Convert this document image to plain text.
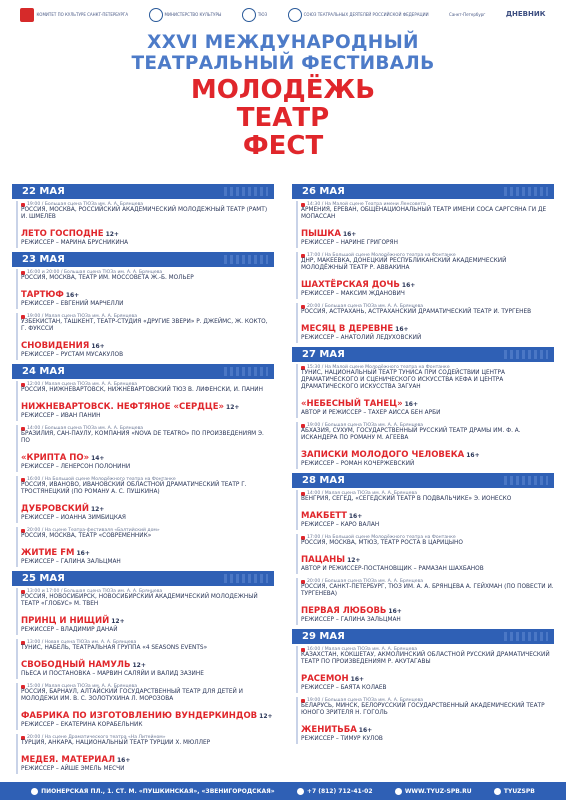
КОМИТЕТ ПО КУЛЬТУРЕ САНКТ-ПЕТЕРБУРГА	МИНИСТЕРСТВО КУЛЬТУРЫ	ТЮЗ	СОЮЗ ТЕАТРАЛЬНЫХ ДЕЯТЕЛЕЙ РОССИЙСКОЙ ФЕДЕРАЦИИ	Санкт-Петербург	ДНЕВНИК
XXVI МЕЖДУНАРОДНЫЙ
ТЕАТРАЛЬНЫЙ ФЕСТИВАЛЬ
МОЛОДЁЖЬ
ТЕАТР
ФЕСТ
22 МАЯ
19:00 / Большая сцена ТЮЗа им. А. А. Брянцева
РОССИЯ, МОСКВА, РОССИЙСКИЙ АКАДЕМИЧЕСКИЙ МОЛОДЕЖНЫЙ ТЕАТР (РАМТ) И. ШМЕЛЕВ
ЛЕТО ГОСПОДНЕ 12+
РЕЖИССЕР – МАРИНА БРУСНИКИНА
23 МАЯ
16:00 и 20:00 / Большая сцена ТЮЗа им. А. А. Брянцева
РОССИЯ, МОСКВА, ТЕАТР ИМ. МОССОВЕТА Ж.-Б. МОЛЬЕР
ТАРТЮФ 16+
РЕЖИССЕР – ЕВГЕНИЙ МАРЧЕЛЛИ
19:00 / Малая сцена ТЮЗа им. А. А. Брянцева
УЗБЕКИСТАН, ТАШКЕНТ, ТЕАТР-СТУДИЯ «ДРУГИЕ ЗВЕРИ» Р. ДЖЕЙМС, Ж. КОКТО, Г. ФУКССИ
СНОВИДЕНИЯ 16+
РЕЖИССЕР – РУСТАМ МУСАКУЛОВ
24 МАЯ
12:00 / Малая сцена ТЮЗа им. А. А. Брянцева
РОССИЯ, НИЖНЕВАРТОВСК, НИЖНЕВАРТОВСКИЙ ТЮЗ В. ЛИФЕНСКИ, И. ПАНИН
НИЖНЕВАРТОВСК. НЕФТЯНОЕ «СЕРДЦЕ» 12+
РЕЖИССЕР – ИВАН ПАНИН
14:00 / Большая сцена ТЮЗа им. А. А. Брянцева
БРАЗИЛИЯ, САН-ПАУЛУ, КОМПАНИЯ «NOVA DE TEATRO» ПО ПРОИЗВЕДЕНИЯМ Э. ПО
«КРИПТА ПО» 14+
РЕЖИССЕР – ЛЕНЕРСОН ПОЛОНИНИ
16:00 / На Большой сцене Молодёжного театра на Фонтанке
РОССИЯ, ИВАНОВО, ИВАНОВСКИЙ ОБЛАСТНОЙ ДРАМАТИЧЕСКИЙ ТЕАТР Г. ТРОСТЯНЕЦКИЙ (ПО РОМАНУ А. С. ПУШКИНА)
ДУБРОВСКИЙ 12+
РЕЖИССЕР – ИОАННА ЗИМБИЦКАЯ
20:00 / На сцене Театра-фестиваля «Балтийский дом»
РОССИЯ, МОСКВА, ТЕАТР «СОВРЕМЕННИК»
ЖИТИЕ FM 16+
РЕЖИССЕР – ГАЛИНА ЗАЛЬЦМАН
25 МАЯ
13:00 и 17:00 / Большая сцена ТЮЗа им. А. А. Брянцева
РОССИЯ, НОВОСИБИРСК, НОВОСИБИРСКИЙ АКАДЕМИЧЕСКИЙ МОЛОДЕЖНЫЙ ТЕАТР «ГЛОБУС» М. ТВЕН
ПРИНЦ И НИЩИЙ 12+
РЕЖИССЕР – ВЛАДИМИР ДАНАЙ
13:00 / Новая сцена ТЮЗа им. А. А. Брянцева
ТУНИС, НАБЕЛЬ, ТЕАТРАЛЬНАЯ ГРУППА «4 SEASONS EVENTS»
СВОБОДНЫЙ НАМУЛЬ 12+
ПЬЕСА И ПОСТАНОВКА – МАРВИН САЛЯЙИ И ВАЛИД ЗАЗИНЕ
15:00 / Малая сцена ТЮЗа им. А. А. Брянцева
РОССИЯ, БАРНАУЛ, АЛТАЙСКИЙ ГОСУДАРСТВЕННЫЙ ТЕАТР ДЛЯ ДЕТЕЙ И МОЛОДЕЖИ ИМ. В. С. ЗОЛОТУХИНА Л. МОРОЗОВА
ФАБРИКА ПО ИЗГОТОВЛЕНИЮ ВУНДЕРКИНДОВ 12+
РЕЖИССЕР – ЕКАТЕРИНА КОРАБЕЛЬНИК
20:00 / На сцене Драматического театра «На Литейном»
ТУРЦИЯ, АНКАРА, НАЦИОНАЛЬНЫЙ ТЕАТР ТУРЦИИ Х. МЮЛЛЕР
МЕДЕЯ. МАТЕРИАЛ 16+
РЕЖИССЕР – АЙШЕ ЭМЕЛЬ МЕСЧИ
26 МАЯ
14:30 / На Малой сцене Театра имени Ленсовета
АРМЕНИЯ, ЕРЕВАН, ОБЩЕНАЦИОНАЛЬНЫЙ ТЕАТР ИМЕНИ СОСА САРГСЯНА ГИ ДЕ МОПАССАН
ПЫШКА 16+
РЕЖИССЕР – НАРИНЕ ГРИГОРЯН
17:00 / На Большой сцене Молодёжного театра на Фонтанке
ДНР, МАКЕЕВКА, ДОНЕЦКИЙ РЕСПУБЛИКАНСКИЙ АКАДЕМИЧЕСКИЙ МОЛОДЁЖНЫЙ ТЕАТР Р. АВВАКИНА
ШАХТЁРСКАЯ ДОЧЬ 16+
РЕЖИССЕР – МАКСИМ ЖДАНОВИЧ
20:00 / Большая сцена ТЮЗа им. А. А. Брянцева
РОССИЯ, АСТРАХАНЬ, АСТРАХАНСКИЙ ДРАМАТИЧЕСКИЙ ТЕАТР И. ТУРГЕНЕВ
МЕСЯЦ В ДЕРЕВНЕ 16+
РЕЖИССЕР – АНАТОЛИЙ ЛЕДУХОВСКИЙ
27 МАЯ
15:30 / На Малой сцене Молодёжного театра на Фонтанке
ТУНИС, НАЦИОНАЛЬНЫЙ ТЕАТР ТУНИСА ПРИ СОДЕЙСТВИИ ЦЕНТРА ДРАМАТИЧЕСКОГО И СЦЕНИЧЕСКОГО ИСКУССТВА КЕФА И ЦЕНТРА ДРАМАТИЧЕСКОГО ИСКУССТВА ЗАГУАН
«НЕБЕСНЫЙ ТАНЕЦ» 16+
АВТОР И РЕЖИССЕР – ТАХЕР АИССА БЕН АРБИ
19:00 / Большая сцена ТЮЗа им. А. А. Брянцева
АБХАЗИЯ, СУХУМ, ГОСУДАРСТВЕННЫЙ РУССКИЙ ТЕАТР ДРАМЫ ИМ. Ф. А. ИСКАНДЕРА ПО РОМАНУ М. АГЕЕВА
ЗАПИСКИ МОЛОДОГО ЧЕЛОВЕКА 16+
РЕЖИССЕР – РОМАН КОЧЕРЖЕВСКИЙ
28 МАЯ
14:00 / Малая сцена ТЮЗа им. А. А. Брянцева
ВЕНГРИЯ, СЕГЕД, «СЕГЕДСКИЙ ТЕАТР В ПОДВАЛЬЧИКЕ» Э. ИОНЕСКО
МАКБЕТТ 16+
РЕЖИССЕР – КАРО ВАЛАН
17:00 / На Большой сцене Молодёжного театра на Фонтанке
РОССИЯ, МОСКВА, МТЮЗ, ТЕАТР РОСТА В ЦАРИЦЫНО
ПАЦАНЫ 12+
АВТОР И РЕЖИССЕР-ПОСТАНОВЩИК – РАМАЗАН ШАХБАНОВ
20:00 / Большая сцена ТЮЗа им. А. А. Брянцева
РОССИЯ, САНКТ-ПЕТЕРБУРГ, ТЮЗ ИМ. А. А. БРЯНЦЕВА А. ГЕЙХМАН (ПО ПОВЕСТИ И. ТУРГЕНЕВА)
ПЕРВАЯ ЛЮБОВЬ 16+
РЕЖИССЕР – ГАЛИНА ЗАЛЬЦМАН
29 МАЯ
16:00 / Малая сцена ТЮЗа им. А. А. Брянцева
КАЗАХСТАН, КОКШЕТАУ, АКМОЛИНСКИЙ ОБЛАСТНОЙ РУССКИЙ ДРАМАТИЧЕСКИЙ ТЕАТР ПО ПРОИЗВЕДЕНИЯМ Р. АКУТАГАВЫ
РАСЕМОН 16+
РЕЖИССЕР – БАЯТА КОЛАЕВ
19:00 / Большая сцена ТЮЗа им. А. А. Брянцева
БЕЛАРУСЬ, МИНСК, БЕЛОРУССКИЙ ГОСУДАРСТВЕННЫЙ АКАДЕМИЧЕСКИЙ ТЕАТР ЮНОГО ЗРИТЕЛЯ Н. ГОГОЛЬ
ЖЕНИТЬБА 16+
РЕЖИССЕР – ТИМУР КУЛОВ
ПИОНЕРСКАЯ ПЛ., 1. СТ. М. «ПУШКИНСКАЯ», «ЗВЕНИГОРОДСКАЯ»	+7 (812) 712-41-02	WWW.TYUZ-SPB.RU	TYUZSPB
